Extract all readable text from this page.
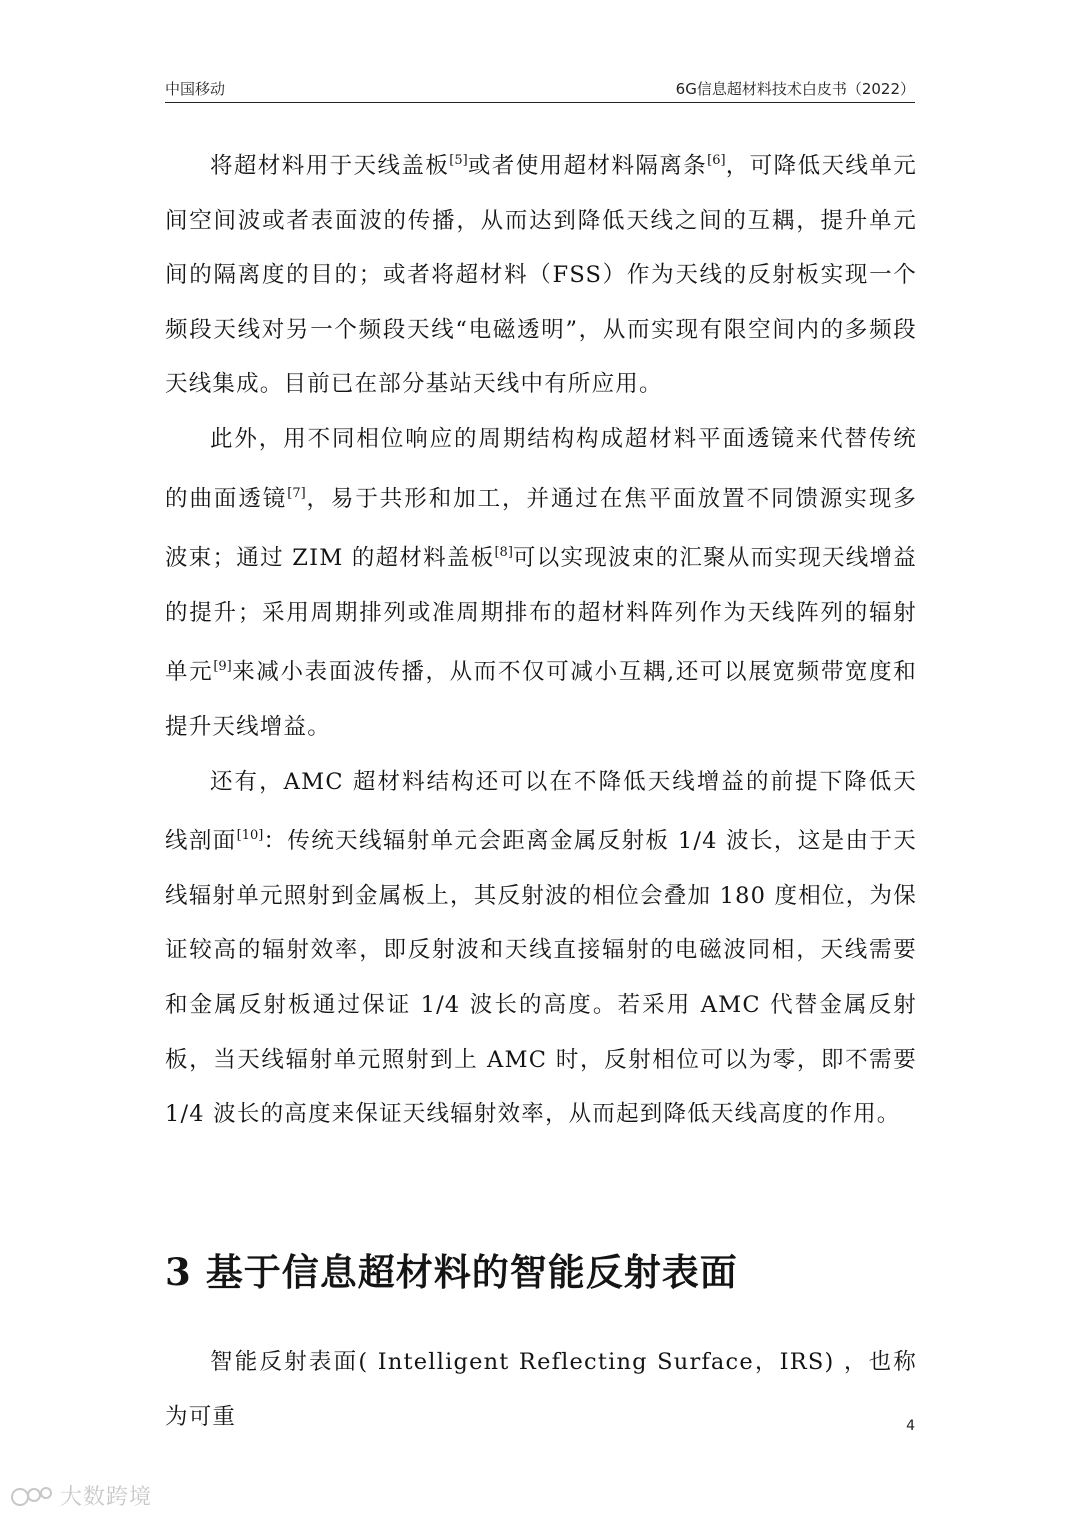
中国移动	6G信息超材料技术白皮书（2022）

将超材料用于天线盖板[5]或者使用超材料隔离条[6]，可降低天线单元间空间波或者表面波的传播，从而达到降低天线之间的互耦，提升单元间的隔离度的目的；或者将超材料（FSS）作为天线的反射板实现一个频段天线对另一个频段天线“电磁透明”，从而实现有限空间内的多频段天线集成。目前已在部分基站天线中有所应用。

此外，用不同相位响应的周期结构构成超材料平面透镜来代替传统的曲面透镜[7]，易于共形和加工，并通过在焦平面放置不同馈源实现多波束；通过 ZIM 的超材料盖板[8]可以实现波束的汇聚从而实现天线增益的提升；采用周期排列或准周期排布的超材料阵列作为天线阵列的辐射单元[9]来减小表面波传播，从而不仅可减小互耦,还可以展宽频带宽度和提升天线增益。

还有，AMC 超材料结构还可以在不降低天线增益的前提下降低天线剖面[10]：传统天线辐射单元会距离金属反射板 1/4 波长，这是由于天线辐射单元照射到金属板上，其反射波的相位会叠加 180 度相位，为保证较高的辐射效率，即反射波和天线直接辐射的电磁波同相，天线需要和金属反射板通过保证 1/4 波长的高度。若采用 AMC 代替金属反射板，当天线辐射单元照射到上 AMC 时，反射相位可以为零，即不需要 1/4 波长的高度来保证天线辐射效率，从而起到降低天线高度的作用。

3 基于信息超材料的智能反射表面

智能反射表面( Intelligent Reflecting Surface，IRS) ，也称为可重	4
大数跨境
